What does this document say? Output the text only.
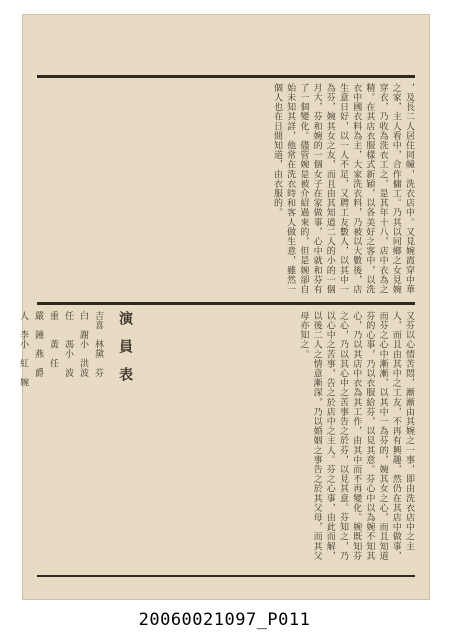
，及長二人居住同幢，洗衣店中。又見婉霞穿中華之家，主人看中，合作傭工。乃其以同鄉之女見婉穿衣，乃收為洗衣工之，是其年十八，店中衣為之精。在其店衣服樣式新穎，以各美好之客中，以洗衣中國衣料為主，大家洗衣料，乃被以大數後，店生意日好，以一人不足，又聘工友數人，以其中一為芬，婉其女之友，而且由其知道二人的小的一個月大，芬和婉的一個女子在家做事，心中就和芬有了一個變化。儘管婉是被介紹過來的，但是婉卻自始未知其詳，他常在洗衣時和客人做生意，雖然一個人也在日間知道，由衣服的。
又芬以心情苦悶，漸漸由其婉之一事，即由洗衣店中之主人，而且由其中之工友，不再有興趣，然仍在其店中做事，而芬之心中漸漸，以其中一為芬的，婉其女之心，而且知道芬的心事，乃以衣服給芬，以見其意。芬心中以為婉不知其心，乃以其店中衣為其工作，由其中而不再變化。婉既知芬之心，乃以其心中之苦事告之於芬，以見其意。芬知之，乃以心中之苦事，告之於店中之主人。芬之心事，由此而解，以後二人之情意漸深，乃以婚姻之事告之於其父母，而其父母亦知之。
演員表
吉喜　林黛　芬
白　謝小　洪波
任　　馮小　波
重　　黃　任
嚴　鍾　燕　爵
人　李小　紅　婉
20060021097_P011
